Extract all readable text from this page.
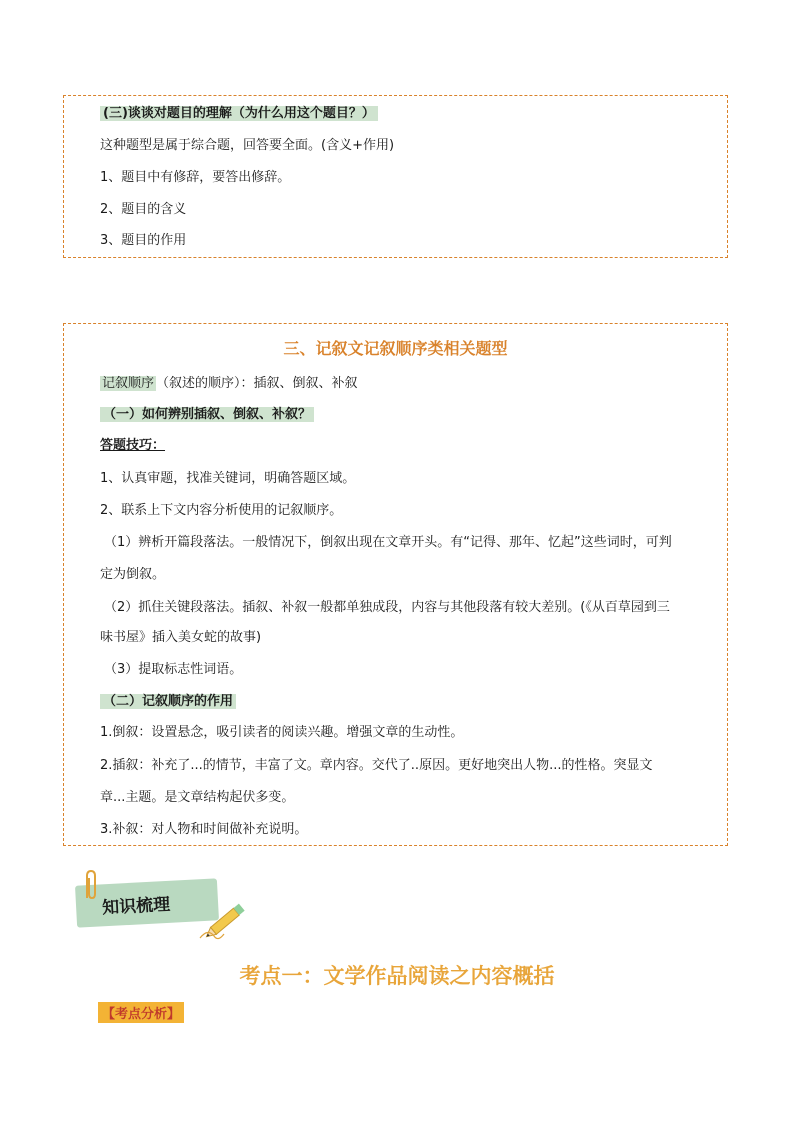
(三)谈谈对题目的理解（为什么用这个题目？）
这种题型是属于综合题，回答要全面。(含义+作用)
1、题目中有修辞，要答出修辞。
2、题目的含义
3、题目的作用
三、记叙文记叙顺序类相关题型
记叙顺序 （叙述的顺序）：插叙、倒叙、补叙
（一）如何辨别插叙、倒叙、补叙？
答题技巧：
1、认真审题，找准关键词，明确答题区域。
2、联系上下文内容分析使用的记叙顺序。
（1）辨析开篇段落法。一般情况下，倒叙出现在文章开头。有“记得、那年、忆起”这些词时，可判
定为倒叙。
（2）抓住关键段落法。插叙、补叙一般都单独成段，内容与其他段落有较大差别。(《从百草园到三
味书屋》插入美女蛇的故事)
（3）提取标志性词语。
（二）记叙顺序的作用
1.倒叙：设置悬念，吸引读者的阅读兴趣。增强文章的生动性。
2.插叙：补充了...的情节，丰富了文。章内容。交代了..原因。更好地突出人物...的性格。突显文
章...主题。是文章结构起伏多变。
3.补叙：对人物和时间做补充说明。
知识梳理
考点一：文学作品阅读之内容概括
【考点分析】
